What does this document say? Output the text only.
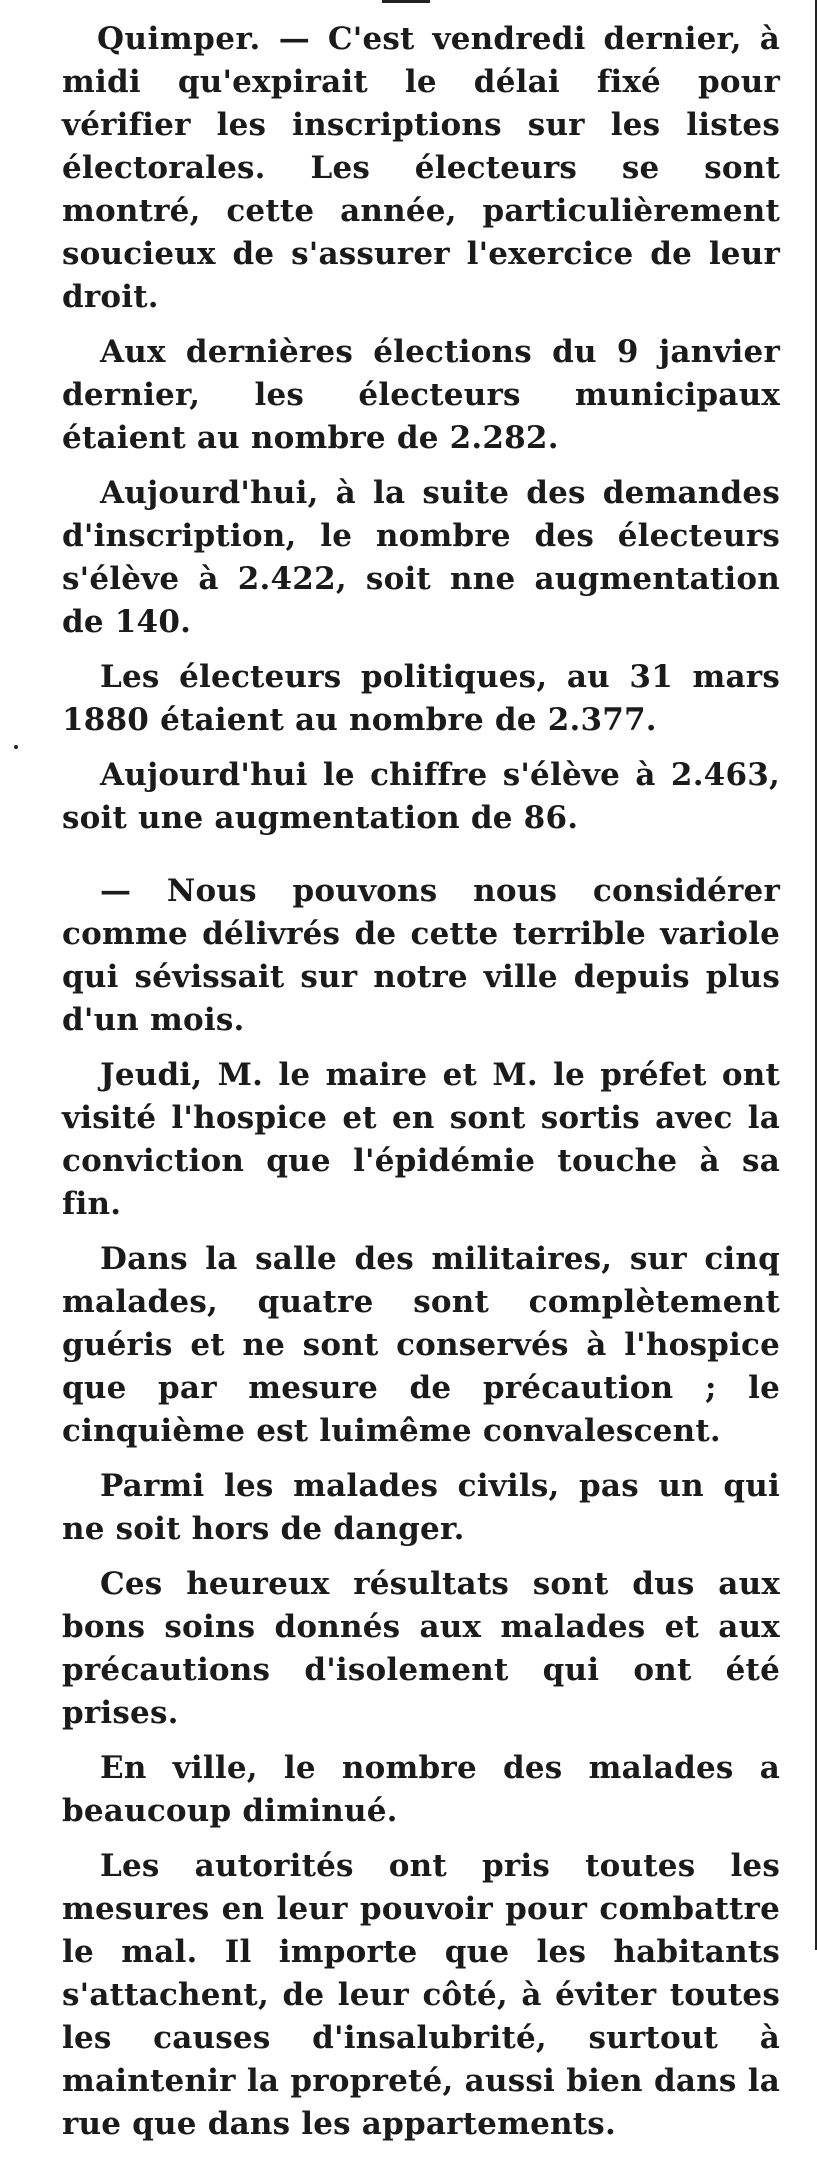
Quimper. — C'est vendredi dernier, à midi qu'expirait le délai fixé pour vérifier les inscriptions sur les listes électorales. Les électeurs se sont montré, cette année, particulièrement soucieux de s'assurer l'exercice de leur droit.

Aux dernières élections du 9 janvier dernier, les électeurs municipaux étaient au nombre de 2.282.

Aujourd'hui, à la suite des demandes d'inscription, le nombre des électeurs s'élève à 2.422, soit nne augmentation de 140.

Les électeurs politiques, au 31 mars 1880 étaient au nombre de 2.377.

Aujourd'hui le chiffre s'élève à 2.463, soit une augmentation de 86.

— Nous pouvons nous considérer comme délivrés de cette terrible variole qui sévissait sur notre ville depuis plus d'un mois.

Jeudi, M. le maire et M. le préfet ont visité l'hospice et en sont sortis avec la conviction que l'épidémie touche à sa fin.

Dans la salle des militaires, sur cinq malades, quatre sont complètement guéris et ne sont conservés à l'hospice que par mesure de précaution ; le cinquième est luimême convalescent.

Parmi les malades civils, pas un qui ne soit hors de danger.

Ces heureux résultats sont dus aux bons soins donnés aux malades et aux précautions d'isolement qui ont été prises.

En ville, le nombre des malades a beaucoup diminué.

Les autorités ont pris toutes les mesures en leur pouvoir pour combattre le mal. Il importe que les habitants s'attachent, de leur côté, à éviter toutes les causes d'insalubrité, surtout à maintenir la propreté, aussi bien dans la rue que dans les appartements.
